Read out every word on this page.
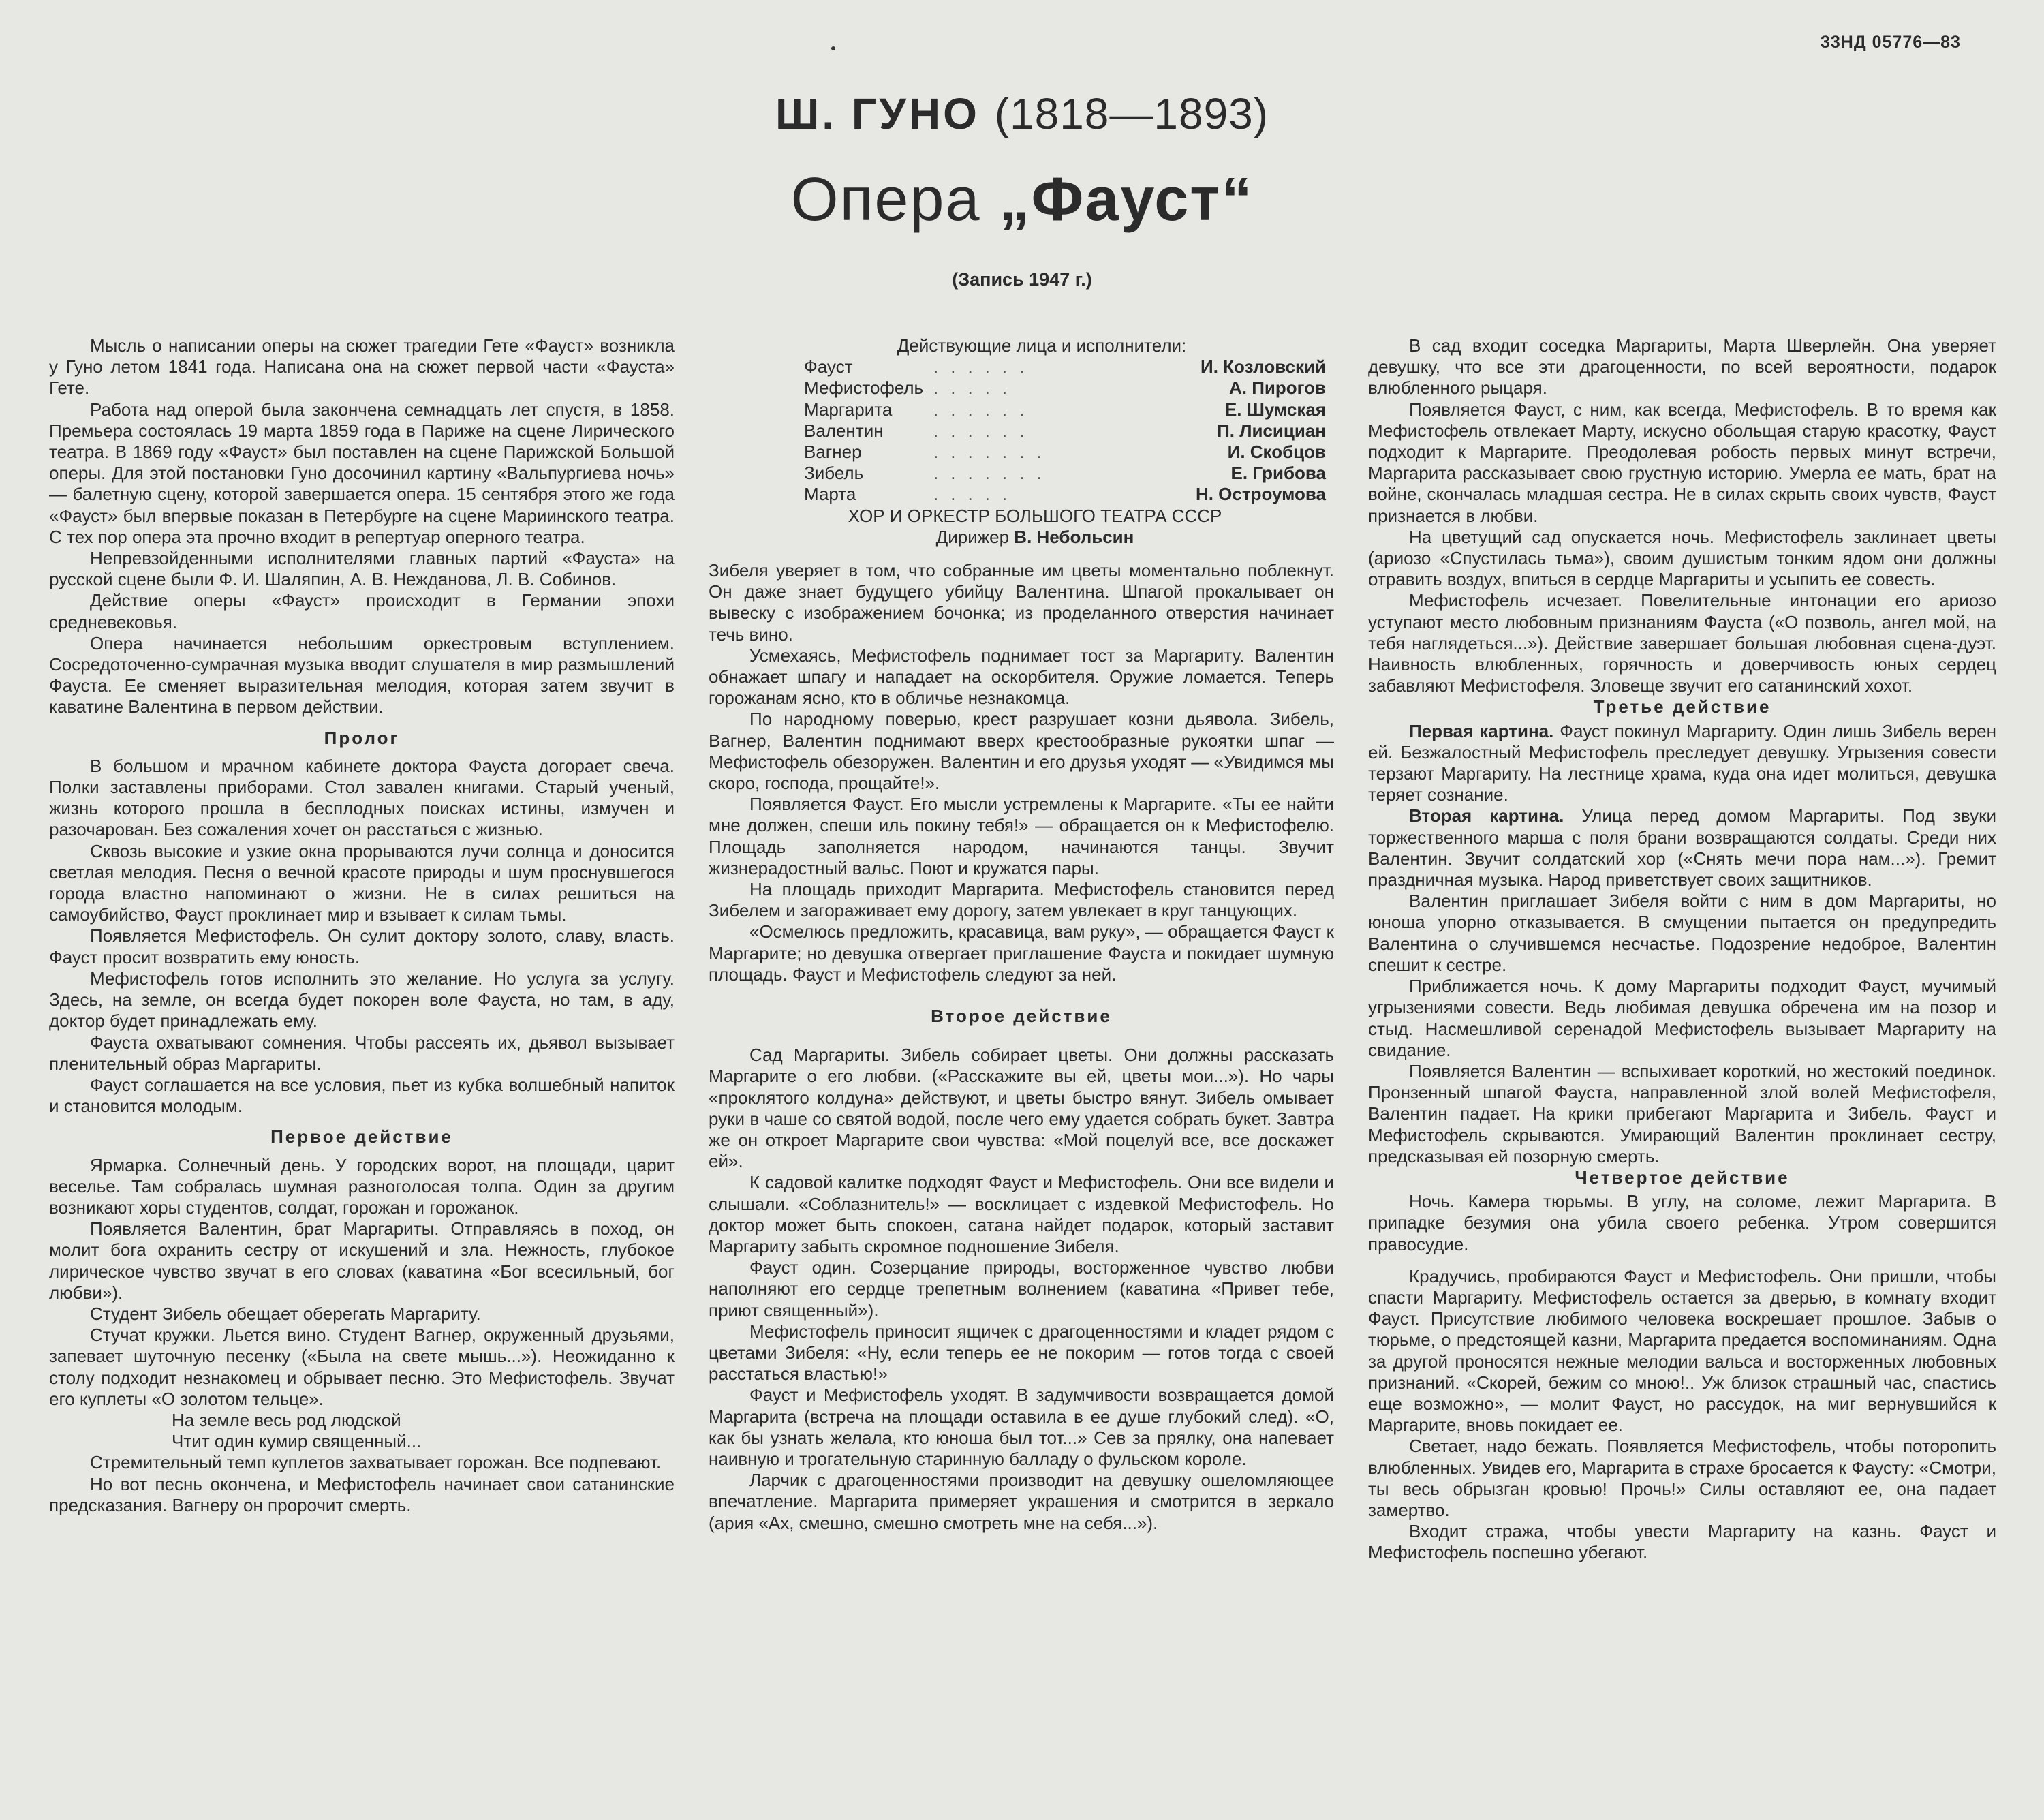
33НД 05776—83
Ш. ГУНО (1818—1893)
Опера „Фауст“
(Запись 1947 г.)

Мысль о написании оперы на сюжет трагедии Гете «Фауст» возникла у Гуно летом 1841 года. Написана она на сюжет первой части «Фауста» Гете.

Работа над оперой была закончена семнадцать лет спустя, в 1858. Премьера состоялась 19 марта 1859 года в Париже на сцене Лирического театра. В 1869 году «Фауст» был поставлен на сцене Парижской Большой оперы. Для этой постановки Гуно досочинил картину «Вальпургиева ночь» — балетную сцену, которой завершается опера. 15 сентября этого же года «Фауст» был впервые показан в Петербурге на сцене Мариинского театра. С тех пор опера эта прочно входит в репертуар оперного театра.

Непревзойденными исполнителями главных партий «Фауста» на русской сцене были Ф. И. Шаляпин, А. В. Нежданова, Л. В. Собинов.

Действие оперы «Фауст» происходит в Германии эпохи средневековья.

Опера начинается небольшим оркестровым вступлением. Сосредоточенно-сумрачная музыка вводит слушателя в мир размышлений Фауста. Ее сменяет выразительная мелодия, которая затем звучит в каватине Валентина в первом действии.

Пролог

В большом и мрачном кабинете доктора Фауста догорает свеча. Полки заставлены приборами. Стол завален книгами. Старый ученый, жизнь которого прошла в бесплодных поисках истины, измучен и разочарован. Без сожаления хочет он расстаться с жизнью.

Сквозь высокие и узкие окна прорываются лучи солнца и доносится светлая мелодия. Песня о вечной красоте природы и шум проснувшегося города властно напоминают о жизни. Не в силах решиться на самоубийство, Фауст проклинает мир и взывает к силам тьмы.

Появляется Мефистофель. Он сулит доктору золото, славу, власть. Фауст просит возвратить ему юность.

Мефистофель готов исполнить это желание. Но услуга за услугу. Здесь, на земле, он всегда будет покорен воле Фауста, но там, в аду, доктор будет принадлежать ему.

Фауста охватывают сомнения. Чтобы рассеять их, дьявол вызывает пленительный образ Маргариты.

Фауст соглашается на все условия, пьет из кубка волшебный напиток и становится молодым.

Первое действие

Ярмарка. Солнечный день. У городских ворот, на площади, царит веселье. Там собралась шумная разноголосая толпа. Один за другим возникают хоры студентов, солдат, горожан и горожанок.

Появляется Валентин, брат Маргариты. Отправляясь в поход, он молит бога охранить сестру от искушений и зла. Нежность, глубокое лирическое чувство звучат в его словах (каватина «Бог всесильный, бог любви»).

Студент Зибель обещает оберегать Маргариту.

Стучат кружки. Льется вино. Студент Вагнер, окруженный друзьями, запевает шуточную песенку («Была на свете мышь...»). Неожиданно к столу подходит незнакомец и обрывает песню. Это Мефистофель. Звучат его куплеты «О золотом тельце».

На земле весь род людской
Чтит один кумир священный...

Стремительный темп куплетов захватывает горожан. Все подпевают.

Но вот песнь окончена, и Мефистофель начинает свои сатанинские предсказания. Вагнеру он пророчит смерть.

Действующие лица и исполнители:
Фауст	......	И. Козловский
Мефистофель .....	А. Пирогов
Маргарита ......	Е. Шумская
Валентин	......	П. Лисициан
Вагнер	.......	И. Скобцов
Зибель	.......	Е. Грибова
Марта	.....	Н. Остроумова
ХОР И ОРКЕСТР БОЛЬШОГО ТЕАТРА СССР
Дирижер В. Небольсин

Зибеля уверяет в том, что собранные им цветы моментально поблекнут. Он даже знает будущего убийцу Валентина. Шпагой прокалывает он вывеску с изображением бочонка; из проделанного отверстия начинает течь вино.

Усмехаясь, Мефистофель поднимает тост за Маргариту. Валентин обнажает шпагу и нападает на оскорбителя. Оружие ломается. Теперь горожанам ясно, кто в обличье незнакомца.

По народному поверью, крест разрушает козни дьявола. Зибель, Вагнер, Валентин поднимают вверх крестообразные рукоятки шпаг — Мефистофель обезоружен. Валентин и его друзья уходят — «Увидимся мы скоро, господа, прощайте!».

Появляется Фауст. Его мысли устремлены к Маргарите. «Ты ее найти мне должен, спеши иль покину тебя!» — обращается он к Мефистофелю. Площадь заполняется народом, начинаются танцы. Звучит жизнерадостный вальс. Поют и кружатся пары.

На площадь приходит Маргарита. Мефистофель становится перед Зибелем и загораживает ему дорогу, затем увлекает в круг танцующих.

«Осмелюсь предложить, красавица, вам руку», — обращается Фауст к Маргарите; но девушка отвергает приглашение Фауста и покидает шумную площадь. Фауст и Мефистофель следуют за ней.

Второе действие

Сад Маргариты. Зибель собирает цветы. Они должны рассказать Маргарите о его любви. («Расскажите вы ей, цветы мои...»). Но чары «проклятого колдуна» действуют, и цветы быстро вянут. Зибель омывает руки в чаше со святой водой, после чего ему удается собрать букет. Завтра же он откроет Маргарите свои чувства: «Мой поцелуй все, все доскажет ей».

К садовой калитке подходят Фауст и Мефистофель. Они все видели и слышали. «Соблазнитель!» — восклицает с издевкой Мефистофель. Но доктор может быть спокоен, сатана найдет подарок, который заставит Маргариту забыть скромное подношение Зибеля.

Фауст один. Созерцание природы, восторженное чувство любви наполняют его сердце трепетным волнением (каватина «Привет тебе, приют священный»).

Мефистофель приносит ящичек с драгоценностями и кладет рядом с цветами Зибеля: «Ну, если теперь ее не покорим — готов тогда с своей расстаться властью!»

Фауст и Мефистофель уходят. В задумчивости возвращается домой Маргарита (встреча на площади оставила в ее душе глубокий след). «О, как бы узнать желала, кто юноша был тот...» Сев за прялку, она напевает наивную и трогательную старинную балладу о фульском короле.

Ларчик с драгоценностями производит на девушку ошеломляющее впечатление. Маргарита примеряет украшения и смотрится в зеркало (ария «Ах, смешно, смешно смотреть мне на себя...»).

В сад входит соседка Маргариты, Марта Шверлейн. Она уверяет девушку, что все эти драгоценности, по всей вероятности, подарок влюбленного рыцаря.

Появляется Фауст, с ним, как всегда, Мефистофель. В то время как Мефистофель отвлекает Марту, искусно обольщая старую красотку, Фауст подходит к Маргарите. Преодолевая робость первых минут встречи, Маргарита рассказывает свою грустную историю. Умерла ее мать, брат на войне, скончалась младшая сестра. Не в силах скрыть своих чувств, Фауст признается в любви.

На цветущий сад опускается ночь. Мефистофель заклинает цветы (ариозо «Спустилась тьма»), своим душистым тонким ядом они должны отравить воздух, впиться в сердце Маргариты и усыпить ее совесть.

Мефистофель исчезает. Повелительные интонации его ариозо уступают место любовным признаниям Фауста («О позволь, ангел мой, на тебя наглядеться...»). Действие завершает большая любовная сцена-дуэт. Наивность влюбленных, горячность и доверчивость юных сердец забавляют Мефистофеля. Зловеще звучит его сатанинский хохот.

Третье действие

Первая картина. Фауст покинул Маргариту. Один лишь Зибель верен ей. Безжалостный Мефистофель преследует девушку. Угрызения совести терзают Маргариту. На лестнице храма, куда она идет молиться, девушка теряет сознание.

Вторая картина. Улица перед домом Маргариты. Под звуки торжественного марша с поля брани возвращаются солдаты. Среди них Валентин. Звучит солдатский хор («Снять мечи пора нам...»). Гремит праздничная музыка. Народ приветствует своих защитников.

Валентин приглашает Зибеля войти с ним в дом Маргариты, но юноша упорно отказывается. В смущении пытается он предупредить Валентина о случившемся несчастье. Подозрение недоброе, Валентин спешит к сестре.

Приближается ночь. К дому Маргариты подходит Фауст, мучимый угрызениями совести. Ведь любимая девушка обречена им на позор и стыд. Насмешливой серенадой Мефистофель вызывает Маргариту на свидание.

Появляется Валентин — вспыхивает короткий, но жестокий поединок. Пронзенный шпагой Фауста, направленной злой волей Мефистофеля, Валентин падает. На крики прибегают Маргарита и Зибель. Фауст и Мефистофель скрываются. Умирающий Валентин проклинает сестру, предсказывая ей позорную смерть.

Четвертое действие

Ночь. Камера тюрьмы. В углу, на соломе, лежит Маргарита. В припадке безумия она убила своего ребенка. Утром совершится правосудие.

Крадучись, пробираются Фауст и Мефистофель. Они пришли, чтобы спасти Маргариту. Мефистофель остается за дверью, в комнату входит Фауст. Присутствие любимого человека воскрешает прошлое. Забыв о тюрьме, о предстоящей казни, Маргарита предается воспоминаниям. Одна за другой проносятся нежные мелодии вальса и восторженных любовных признаний. «Скорей, бежим со мною!.. Уж близок страшный час, спастись еще возможно», — молит Фауст, но рассудок, на миг вернувшийся к Маргарите, вновь покидает ее.

Светает, надо бежать. Появляется Мефистофель, чтобы поторопить влюбленных. Увидев его, Маргарита в страхе бросается к Фаусту: «Смотри, ты весь обрызган кровью! Прочь!» Силы оставляют ее, она падает замертво.

Входит стража, чтобы увести Маргариту на казнь. Фауст и Мефистофель поспешно убегают.
